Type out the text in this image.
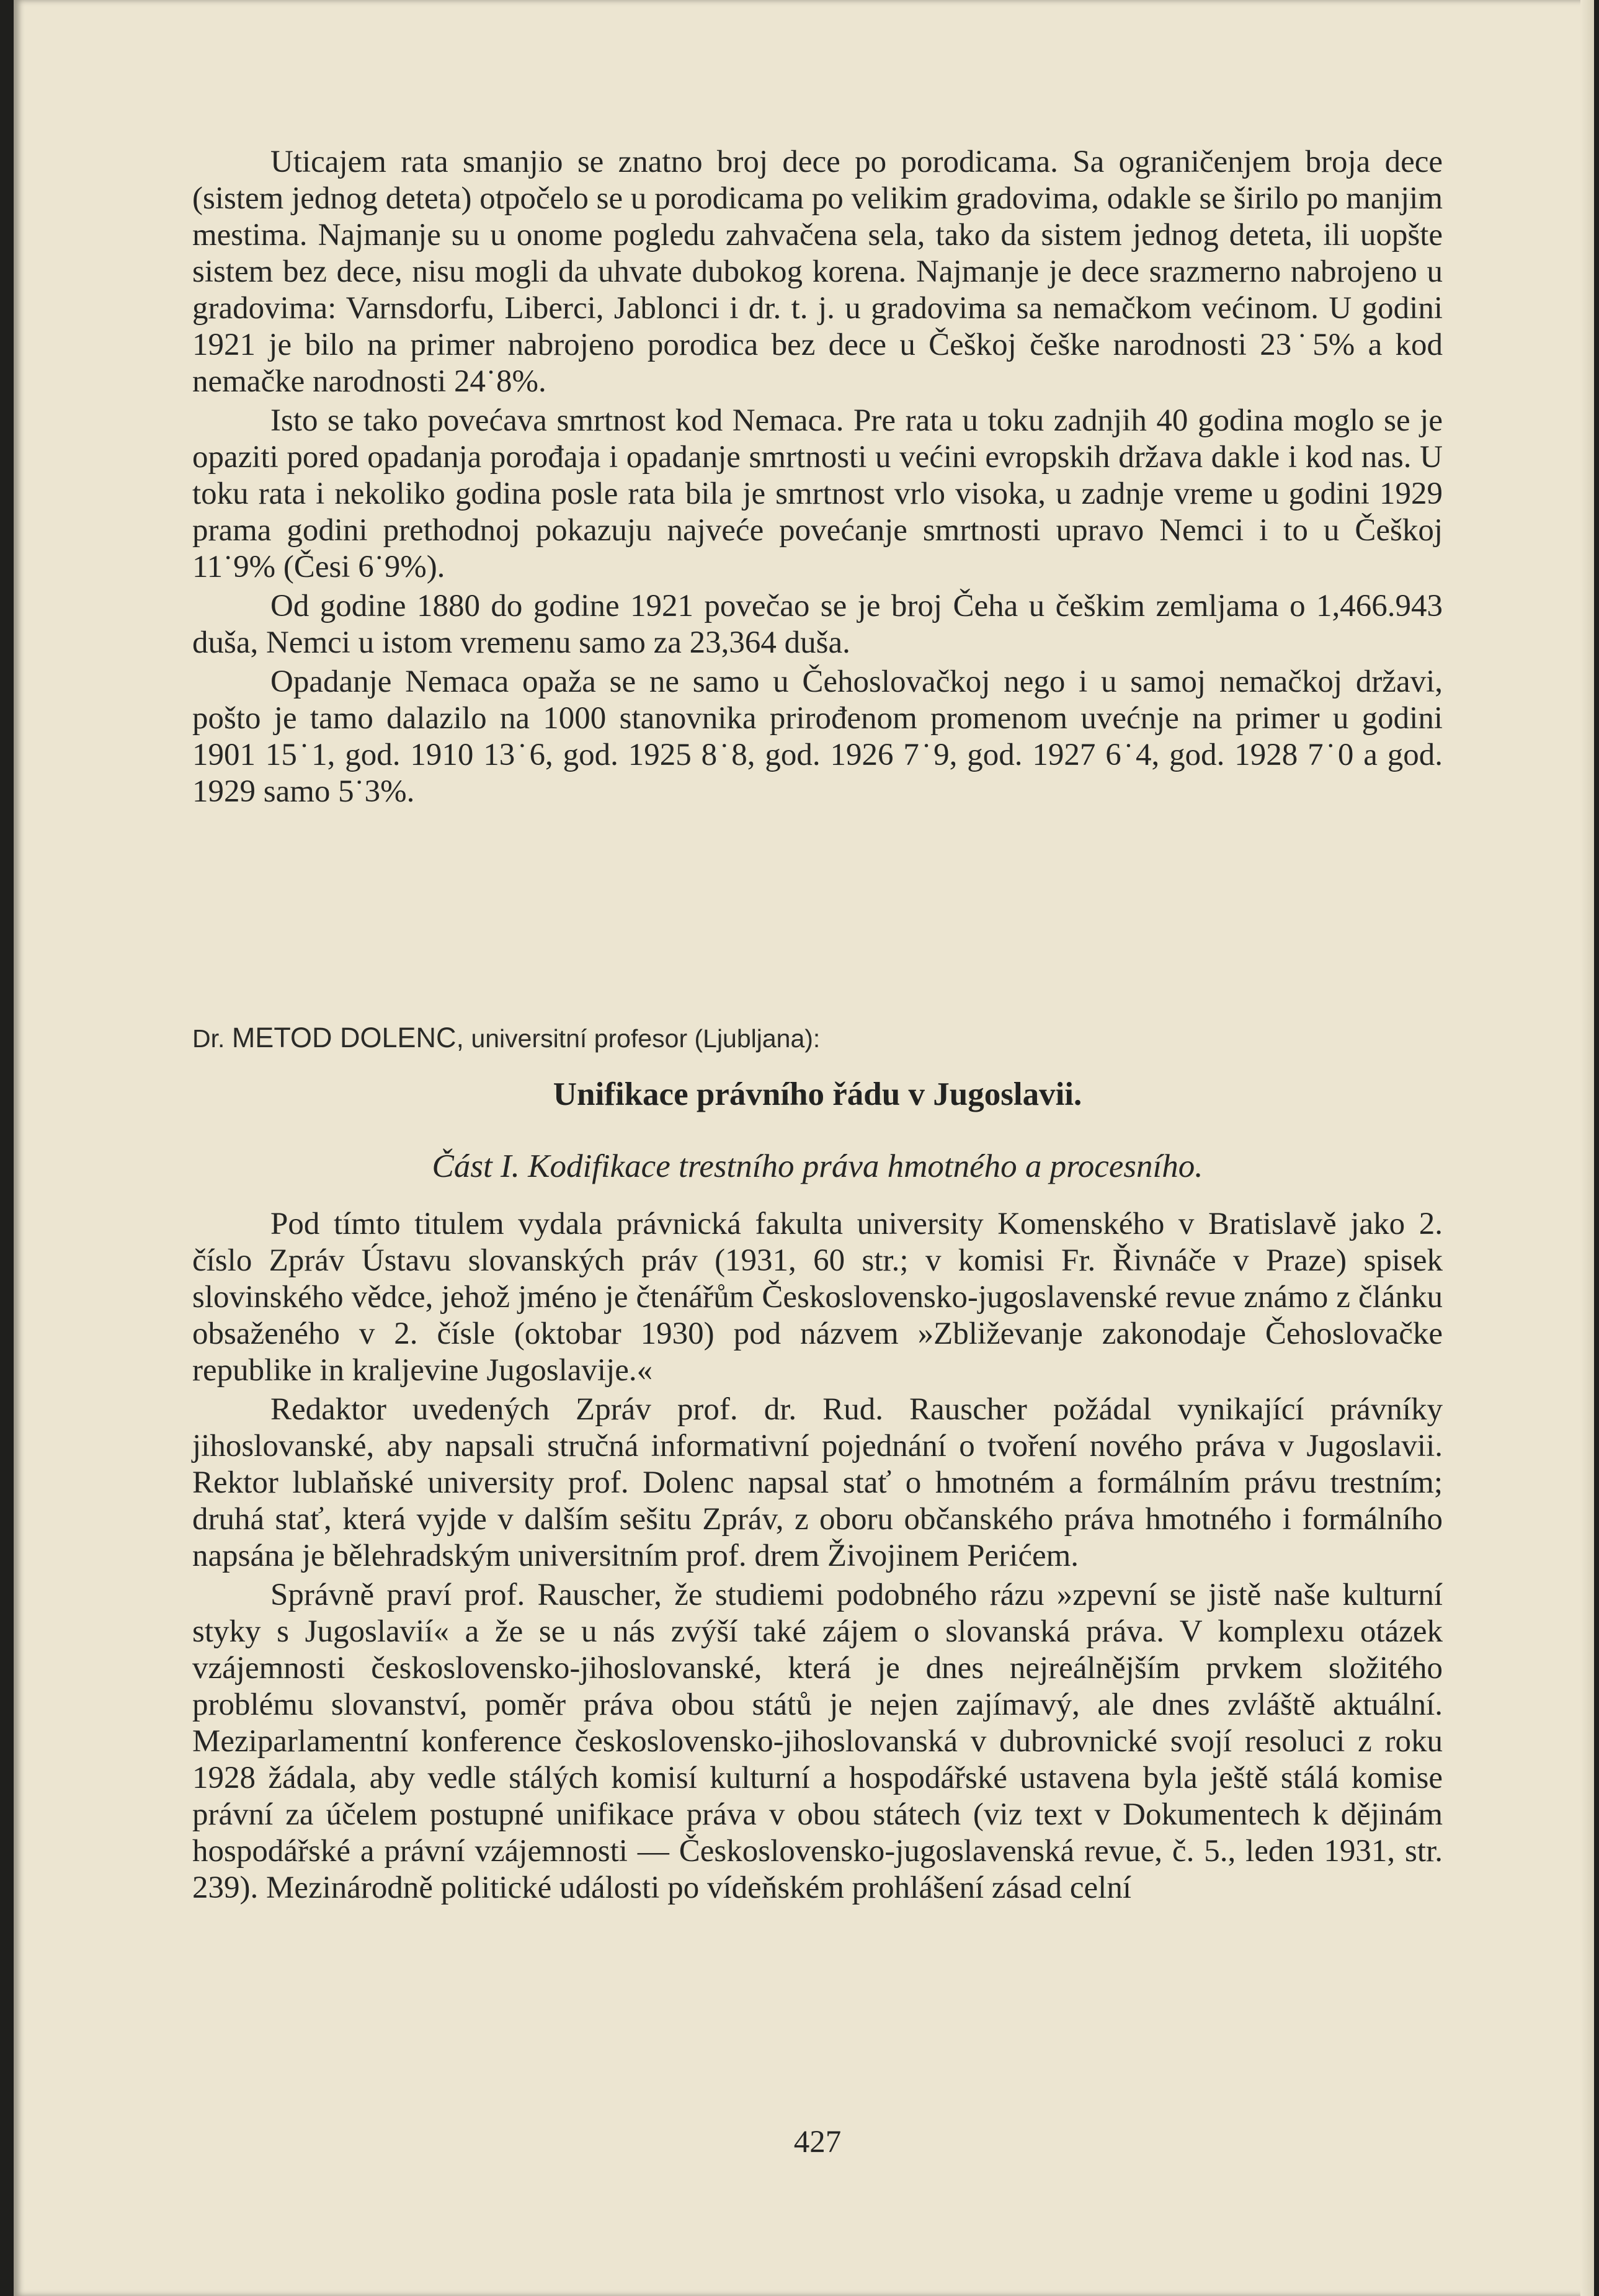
Uticajem rata smanjio se znatno broj dece po porodicama. Sa ograničenjem broja dece (sistem jednog deteta) otpočelo se u porodicama po velikim gradovima, odakle se širilo po manjim mestima. Najmanje su u onome pogledu zahvačena sela, tako da sistem jednog deteta, ili uopšte sistem bez dece, nisu mogli da uhvate dubokog korena. Najmanje je dece srazmerno nabrojeno u gradovima: Varnsdorfu, Liberci, Jablonci i dr. t. j. u gradovima sa nemačkom većinom. U godini 1921 je bilo na primer nabrojeno porodica bez dece u Češkoj češke narodnosti 23˙5% a kod nemačke narodnosti 24˙8%.

Isto se tako povećava smrtnost kod Nemaca. Pre rata u toku zadnjih 40 godina moglo se je opaziti pored opadanja porođaja i opadanje smrtnosti u većini evropskih država dakle i kod nas. U toku rata i nekoliko godina posle rata bila je smrtnost vrlo visoka, u zadnje vreme u godini 1929 prama godini prethodnoj pokazuju najveće povećanje smrtnosti upravo Nemci i to u Češkoj 11˙9% (Česi 6˙9%).

Od godine 1880 do godine 1921 povečao se je broj Čeha u češkim zemljama o 1,466.943 duša, Nemci u istom vremenu samo za 23,364 duša.

Opadanje Nemaca opaža se ne samo u Čehoslovačkoj nego i u samoj nemačkoj državi, pošto je tamo dalazilo na 1000 stanovnika prirođenom promenom uvećnje na primer u godini 1901 15˙1, god. 1910 13˙6, god. 1925 8˙8, god. 1926 7˙9, god. 1927 6˙4, god. 1928 7˙0 a god. 1929 samo 5˙3%.

Dr. METOD DOLENC, universitní profesor (Ljubljana):
Unifikace právního řádu v Jugoslavii.
Část I. Kodifikace trestního práva hmotného a procesního.

Pod tímto titulem vydala právnická fakulta university Komenského v Bratislavě jako 2. číslo Zpráv Ústavu slovanských práv (1931, 60 str.; v komisi Fr. Řivnáče v Praze) spisek slovinského vědce, jehož jméno je čtenářům Československo-jugoslavenské revue známo z článku obsaženého v 2. čísle (oktobar 1930) pod názvem »Zbliževanje zakonodaje Čehoslovačke republike in kraljevine Jugoslavije.«

Redaktor uvedených Zpráv prof. dr. Rud. Rauscher požádal vynikající právníky jihoslovanské, aby napsali stručná informativní pojednání o tvoření nového práva v Jugoslavii. Rektor lublaňské university prof. Dolenc napsal stať o hmotném a formálním právu trestním; druhá stať, která vyjde v dalším sešitu Zpráv, z oboru občanského práva hmotného i formálního napsána je bělehradským universitním prof. drem Živojinem Perićem.

Správně praví prof. Rauscher, že studiemi podobného rázu »zpevní se jistě naše kulturní styky s Jugoslavií« a že se u nás zvýší také zájem o slovanská práva. V komplexu otázek vzájemnosti československo-jihoslovanské, která je dnes nejreálnějším prvkem složitého problému slovanství, poměr práva obou států je nejen zajímavý, ale dnes zvláště aktuální. Meziparlamentní konference československo-jihoslovanská v dubrovnické svojí resoluci z roku 1928 žádala, aby vedle stálých komisí kulturní a hospodářské ustavena byla ještě stálá komise právní za účelem postupné unifikace práva v obou státech (viz text v Dokumentech k dějinám hospodářské a právní vzájemnosti — Československo-jugoslavenská revue, č. 5., leden 1931, str. 239). Mezinárodně politické události po vídeňském prohlášení zásad celní

427
